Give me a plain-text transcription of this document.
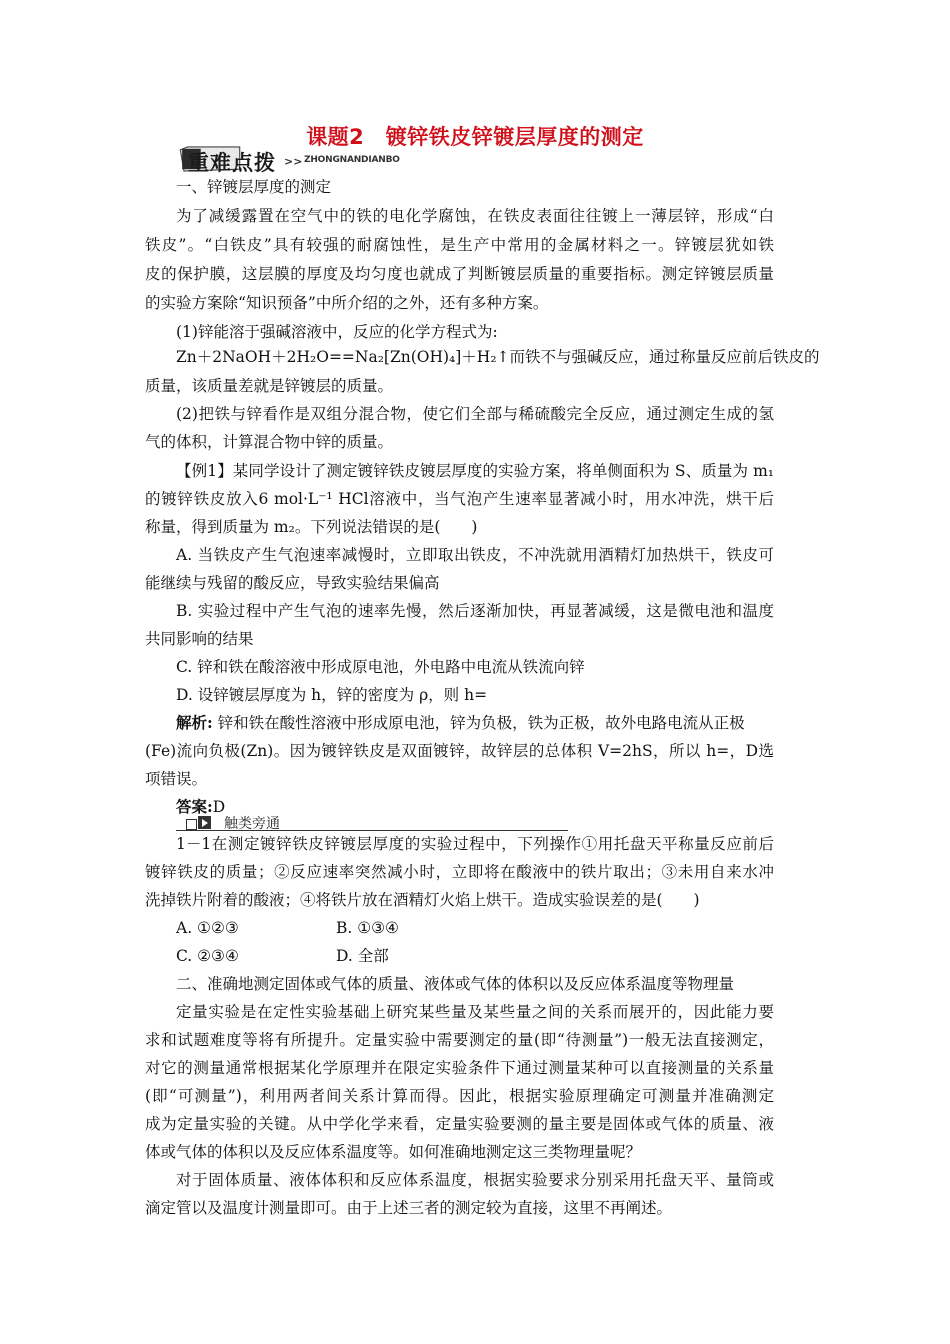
课题2　镀锌铁皮锌镀层厚度的测定
重难点拨 >> ZHONGNANDIANBO
一、锌镀层厚度的测定
为了减缓露置在空气中的铁的电化学腐蚀，在铁皮表面往往镀上一薄层锌，形成“白
铁皮”。“白铁皮”具有较强的耐腐蚀性，是生产中常用的金属材料之一。锌镀层犹如铁
皮的保护膜，这层膜的厚度及均匀度也就成了判断镀层质量的重要指标。测定锌镀层质量
的实验方案除“知识预备”中所介绍的之外，还有多种方案。
(1)锌能溶于强碱溶液中，反应的化学方程式为:
Zn＋2NaOH＋2H₂O==Na₂[Zn(OH)₄]＋H₂↑而铁不与强碱反应，通过称量反应前后铁皮的
质量，该质量差就是锌镀层的质量。
(2)把铁与锌看作是双组分混合物，使它们全部与稀硫酸完全反应，通过测定生成的氢
气的体积，计算混合物中锌的质量。
【例1】某同学设计了测定镀锌铁皮镀层厚度的实验方案，将单侧面积为 S、质量为 m₁
的镀锌铁皮放入6 mol·L⁻¹ HCl溶液中，当气泡产生速率显著减小时，用水冲洗，烘干后
称量，得到质量为 m₂。下列说法错误的是(　　)
A. 当铁皮产生气泡速率减慢时，立即取出铁皮，不冲洗就用酒精灯加热烘干，铁皮可
能继续与残留的酸反应，导致实验结果偏高
B. 实验过程中产生气泡的速率先慢，然后逐渐加快，再显著减缓，这是微电池和温度
共同影响的结果
C. 锌和铁在酸溶液中形成原电池，外电路中电流从铁流向锌
D. 设锌镀层厚度为 h，锌的密度为 ρ，则 h=
解析: 锌和铁在酸性溶液中形成原电池，锌为负极，铁为正极，故外电路电流从正极
(Fe)流向负极(Zn)。因为镀锌铁皮是双面镀锌，故锌层的总体积 V=2hS，所以 h=，D选
项错误。
答案:D
触类旁通
1－1在测定镀锌铁皮锌镀层厚度的实验过程中，下列操作①用托盘天平称量反应前后
镀锌铁皮的质量；②反应速率突然减小时，立即将在酸液中的铁片取出；③未用自来水冲
洗掉铁片附着的酸液；④将铁片放在酒精灯火焰上烘干。造成实验误差的是(　　)
A. ①②③	B. ①③④
C. ②③④	D. 全部
二、准确地测定固体或气体的质量、液体或气体的体积以及反应体系温度等物理量
定量实验是在定性实验基础上研究某些量及某些量之间的关系而展开的，因此能力要
求和试题难度等将有所提升。定量实验中需要测定的量(即“待测量”)一般无法直接测定，
对它的测量通常根据某化学原理并在限定实验条件下通过测量某种可以直接测量的关系量
(即“可测量”)，利用两者间关系计算而得。因此，根据实验原理确定可测量并准确测定
成为定量实验的关键。从中学化学来看，定量实验要测的量主要是固体或气体的质量、液
体或气体的体积以及反应体系温度等。如何准确地测定这三类物理量呢？
对于固体质量、液体体积和反应体系温度，根据实验要求分别采用托盘天平、量筒或
滴定管以及温度计测量即可。由于上述三者的测定较为直接，这里不再阐述。
